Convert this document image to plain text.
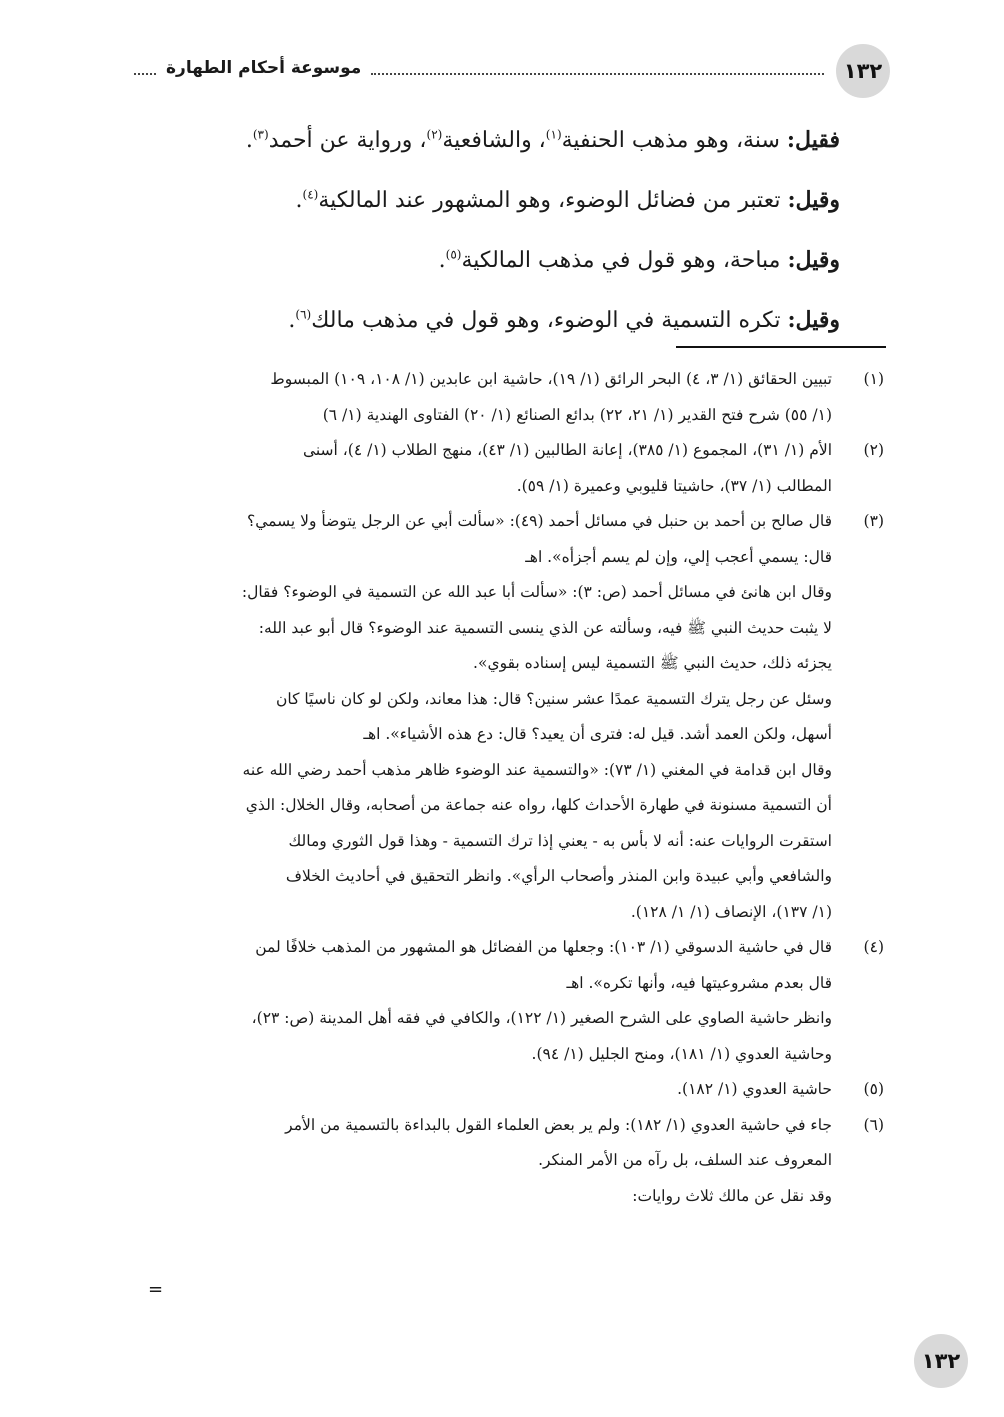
١٣٢
موسوعة أحكام الطهارة
فقيل: سنة، وهو مذهب الحنفية$^{(١)}$، والشافعية$^{(٢)}$، ورواية عن أحمد$^{(٣)}$.
وقيل: تعتبر من فضائل الوضوء، وهو المشهور عند المالكية$^{(٤)}$.
وقيل: مباحة، وهو قول في مذهب المالكية$^{(٥)}$.
وقيل: تكره التسمية في الوضوء، وهو قول في مذهب مالك$^{(٦)}$.
(١)
تبيين الحقائق (١/ ٣، ٤) البحر الرائق (١/ ١٩)، حاشية ابن عابدين (١/ ١٠٨، ١٠٩) المبسوط
(١/ ٥٥) شرح فتح القدير (١/ ٢١، ٢٢) بدائع الصنائع (١/ ٢٠) الفتاوى الهندية (١/ ٦)
(٢)
الأم (١/ ٣١)، المجموع (١/ ٣٨٥)، إعانة الطالبين (١/ ٤٣)، منهج الطلاب (١/ ٤)، أسنى
المطالب (١/ ٣٧)، حاشيتا قليوبي وعميرة (١/ ٥٩).
(٣)
قال صالح بن أحمد بن حنبل في مسائل أحمد (٤٩): «سألت أبي عن الرجل يتوضأ ولا يسمي؟
قال: يسمي أعجب إلي، وإن لم يسم أجزأه». اهـ
وقال ابن هانئ في مسائل أحمد (ص: ٣): «سألت أبا عبد الله عن التسمية في الوضوء؟ فقال:
لا يثبت حديث النبي ﷺ فيه، وسألته عن الذي ينسى التسمية عند الوضوء؟ قال أبو عبد الله:
يجزئه ذلك، حديث النبي ﷺ التسمية ليس إسناده بقوي».
وسئل عن رجل يترك التسمية عمدًا عشر سنين؟ قال: هذا معاند، ولكن لو كان ناسيًا كان
أسهل، ولكن العمد أشد. قيل له: فترى أن يعيد؟ قال: دع هذه الأشياء». اهـ
وقال ابن قدامة في المغني (١/ ٧٣): «والتسمية عند الوضوء ظاهر مذهب أحمد رضي الله عنه
أن التسمية مسنونة في طهارة الأحداث كلها، رواه عنه جماعة من أصحابه، وقال الخلال: الذي
استقرت الروايات عنه: أنه لا بأس به - يعني إذا ترك التسمية - وهذا قول الثوري ومالك
والشافعي وأبي عبيدة وابن المنذر وأصحاب الرأي». وانظر التحقيق في أحاديث الخلاف
(١/ ١٣٧)، الإنصاف (١/ ١/ ١٢٨).
(٤)
قال في حاشية الدسوقي (١/ ١٠٣): وجعلها من الفضائل هو المشهور من المذهب خلافًا لمن
قال بعدم مشروعيتها فيه، وأنها تكره». اهـ
وانظر حاشية الصاوي على الشرح الصغير (١/ ١٢٢)، والكافي في فقه أهل المدينة (ص: ٢٣)،
وحاشية العدوي (١/ ١٨١)، ومنح الجليل (١/ ٩٤).
(٥)
حاشية العدوي (١/ ١٨٢).
(٦)
جاء في حاشية العدوي (١/ ١٨٢): ولم ير بعض العلماء القول بالبداءة بالتسمية من الأمر
المعروف عند السلف، بل رآه من الأمر المنكر.
وقد نقل عن مالك ثلاث روايات:
=
١٣٢
